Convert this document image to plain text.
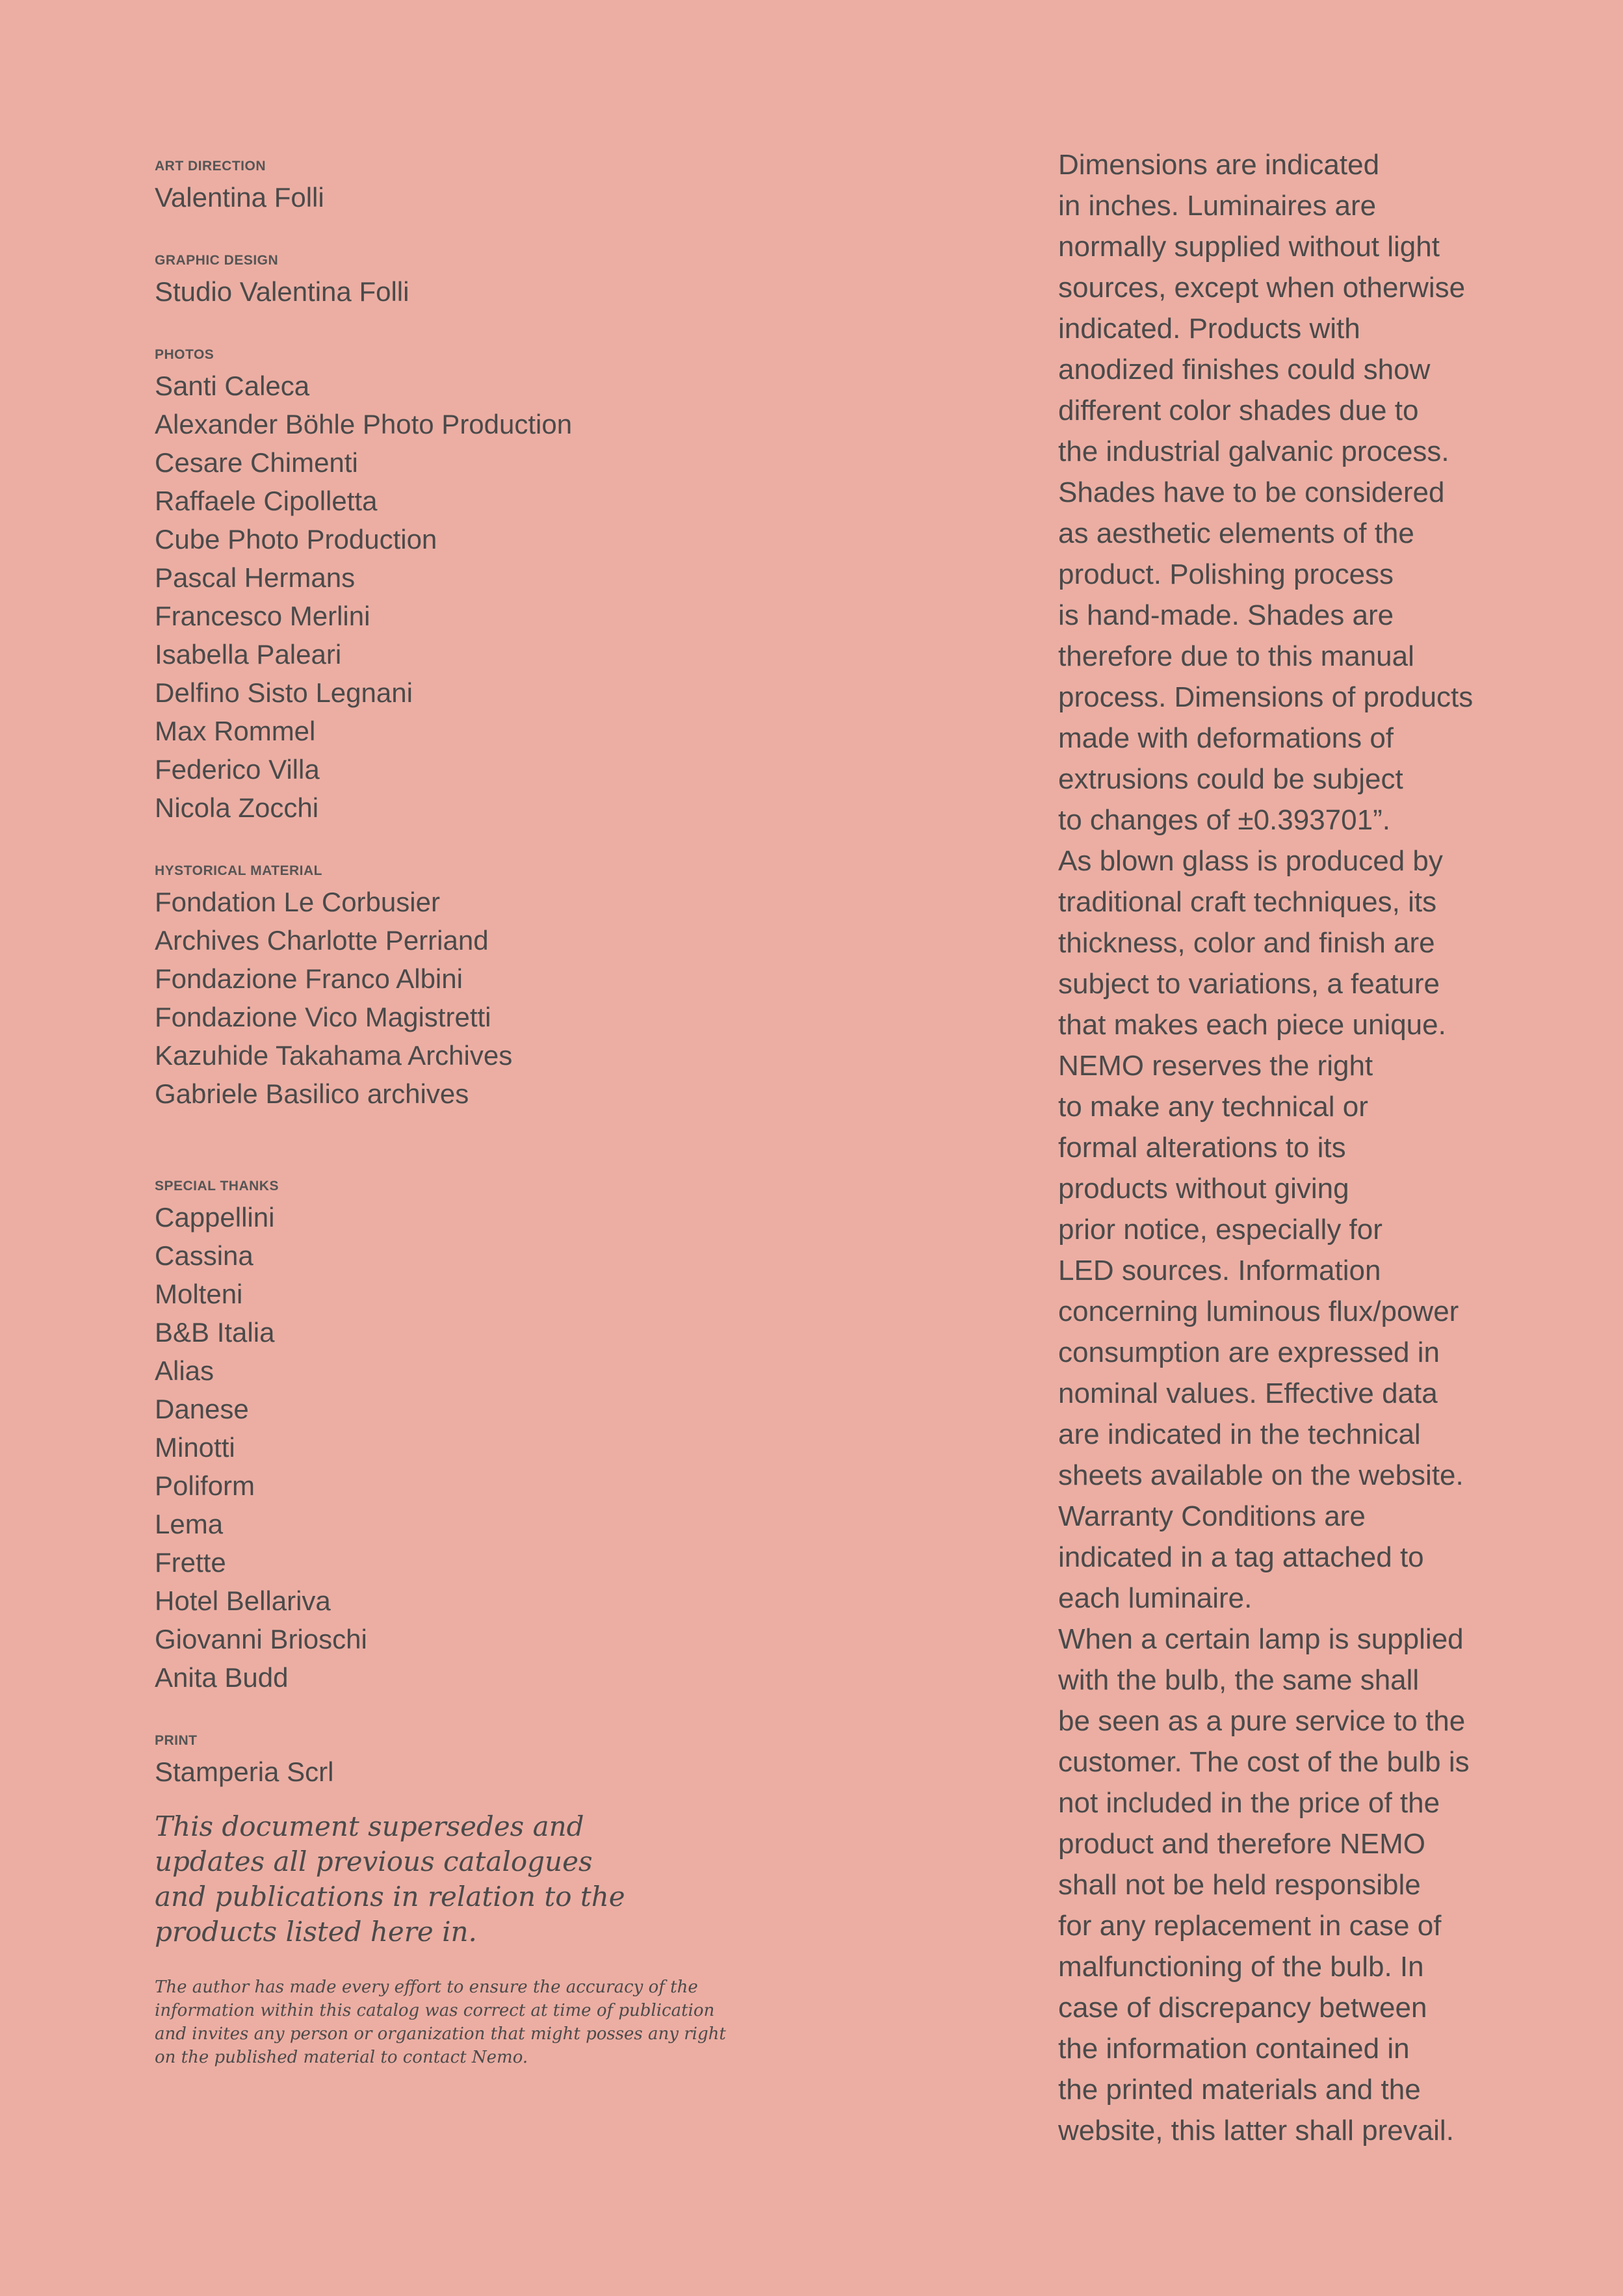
ART DIRECTION
Valentina Folli
GRAPHIC DESIGN
Studio Valentina Folli
PHOTOS
Santi Caleca
Alexander Böhle Photo Production
Cesare Chimenti
Raffaele Cipolletta
Cube Photo Production
Pascal Hermans
Francesco Merlini
Isabella Paleari
Delfino Sisto Legnani
Max Rommel
Federico Villa
Nicola Zocchi
HYSTORICAL MATERIAL
Fondation Le Corbusier
Archives Charlotte Perriand
Fondazione Franco Albini
Fondazione Vico Magistretti
Kazuhide Takahama Archives
Gabriele Basilico archives
SPECIAL THANKS
Cappellini
Cassina
Molteni
B&B Italia
Alias
Danese
Minotti
Poliform
Lema
Frette
Hotel Bellariva
Giovanni Brioschi
Anita Budd
PRINT
Stamperia Scrl

This document supersedes and updates all previous catalogues and publications in relation to the products listed here in.

The author has made every effort to ensure the accuracy of the information within this catalog was correct at time of publication and invites any person or organization that might posses any right on the published material to contact Nemo.

Dimensions are indicated
in inches. Luminaires are
normally supplied without light
sources, except when otherwise
indicated. Products with
anodized finishes could show
different color shades due to
the industrial galvanic process.
Shades have to be considered
as aesthetic elements of the
product. Polishing process
is hand-made. Shades are
therefore due to this manual
process. Dimensions of products
made with deformations of
extrusions could be subject
to changes of ±0.393701”.
As blown glass is produced by
traditional craft techniques, its
thickness, color and finish are
subject to variations, a feature
that makes each piece unique.
NEMO reserves the right
to make any technical or
formal alterations to its
products without giving
prior notice, especially for
LED sources. Information
concerning luminous flux/power
consumption are expressed in
nominal values. Effective data
are indicated in the technical
sheets available on the website.
Warranty Conditions are
indicated in a tag attached to
each luminaire.
When a certain lamp is supplied
with the bulb, the same shall
be seen as a pure service to the
customer. The cost of the bulb is
not included in the price of the
product and therefore NEMO
shall not be held responsible
for any replacement in case of
malfunctioning of the bulb. In
case of discrepancy between
the information contained in
the printed materials and the
website, this latter shall prevail.
